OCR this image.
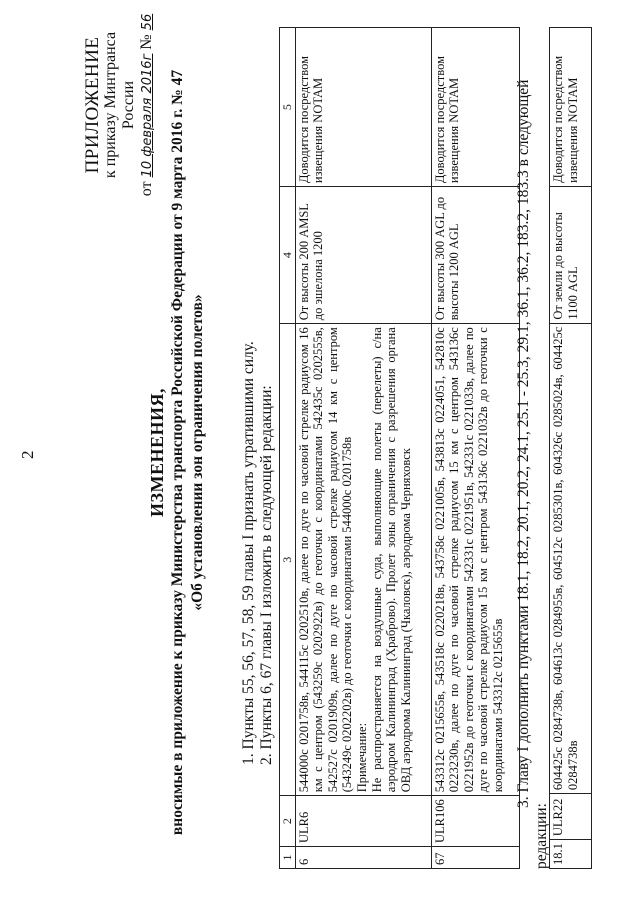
2
ПРИЛОЖЕНИЕ к приказу Минтранса России
от 10 февраля 2016г № 56
ИЗМЕНЕНИЯ, вносимые в приложение к приказу Министерства транспорта Российской Федерации от 9 марта 2016 г. № 47 «Об установлении зон ограничения полетов» 1. Пункты 55, 56, 57, 58, 59 главы I признать утратившими силу. 2. Пункты 6, 67 главы I изложить в следующей редакции:
1	2	3	4	5
6	ULR6	544000с 0201758в, 544115с 0202510в, далее по дуге по часовой стрелке радиусом 16 км с центром (543259с 0202922в) до геоточки с координатами 542435с 0202555в, 542527с 0201909в, далее по дуге по часовой стрелке радиусом 14 км с центром (543249с 0202202в) до геоточки с координатами 544000с 0201758в Примечание: Не распространяется на воздушные суда, выполняющие полеты (перелеты) с/на аэродром Калининград (Храброво). Пролет зоны ограничения с разрешения органа ОВД аэродрома Калининград (Чкаловск), аэродрома Черняховск	От высоты 200 AMSL до эшелона 1200	Доводится посредством извещения NOTAM
67	ULR106	543312с 0215655в, 543518с 0220218в, 543758с 0221005в, 543813с 0224051, 542810с 0223230в, далее по дуге по часовой стрелке радиусом 15 км с центром 543136с 0221952в до геоточки с координатами 542331с 0221951в, 542331с 0221033в, далее по дуге по часовой стрелке радиусом 15 км с центром 543136с 0221032в до геоточки с координатами 543312с 0215655в	От высоты 300 AGL до высоты 1200 AGL	Доводится посредством извещения NOTAM	3. Главу I дополнить пунктами 18.1, 18.2, 20.1, 20.2, 24.1, 25.1 - 25.3, 29.1, 36.1, 36.2, 183.2, 183.3 в следующей
редакции: 18.1	ULR22	604425с 0284738в, 604613с 0284955в, 604512с 0285301в, 604326с 0285024в, 604425с 0284738в	От земли до высоты 1100 AGL	Доводится посредством извещения NOTAM
